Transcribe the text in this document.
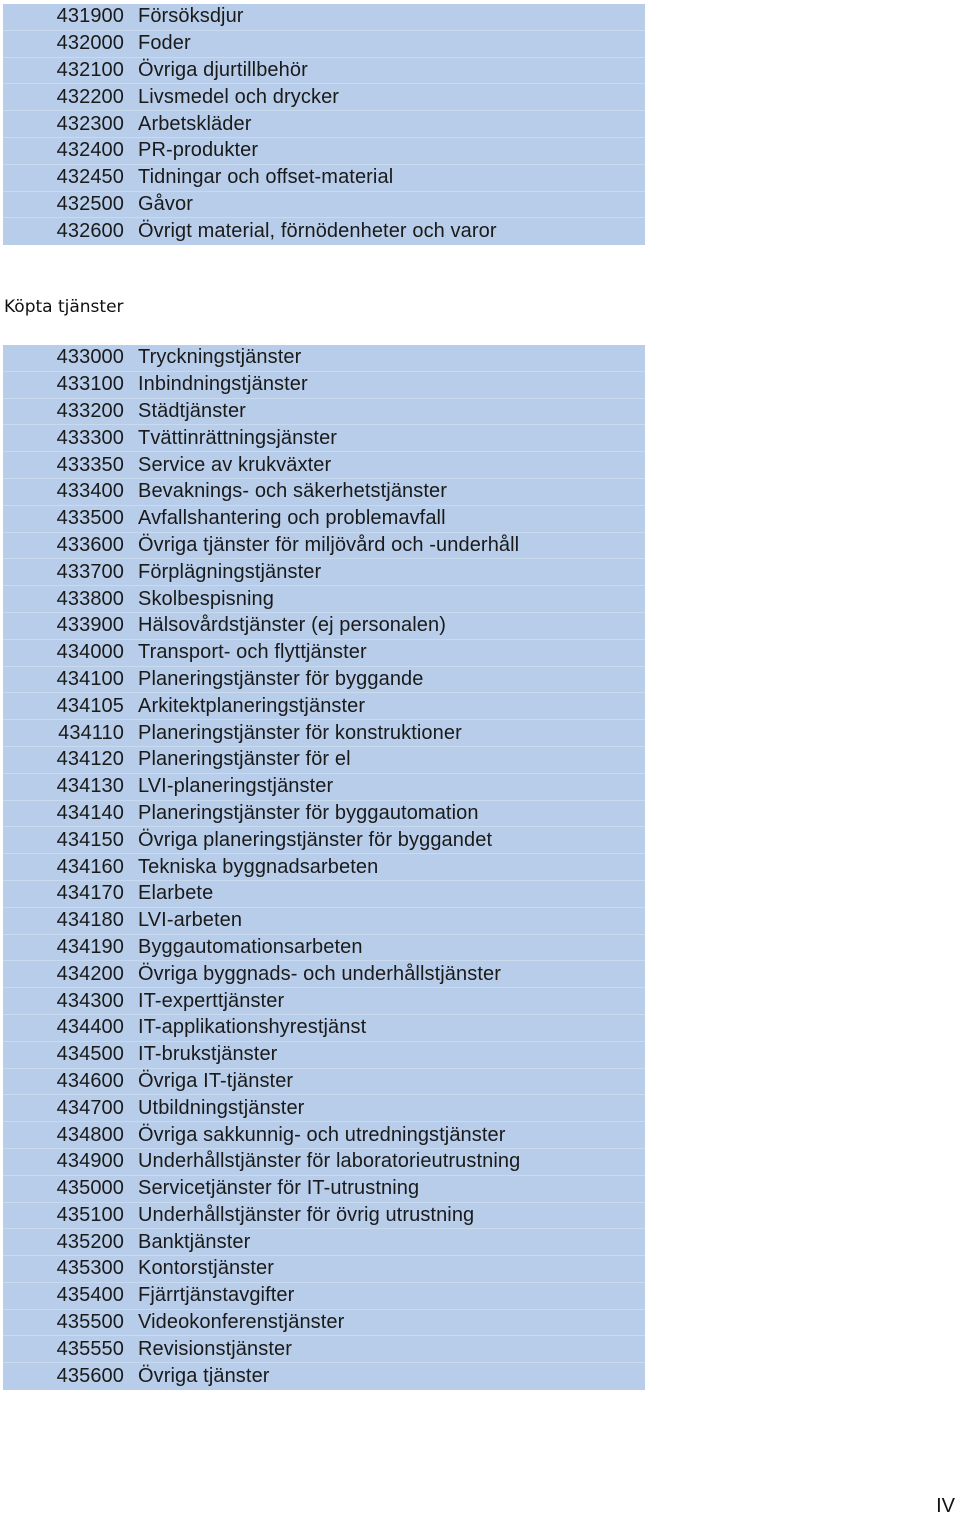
431900 Försöksdjur
432000 Foder
432100 Övriga djurtillbehör
432200 Livsmedel och drycker
432300 Arbetskläder
432400 PR-produkter
432450 Tidningar och offset-material
432500 Gåvor
432600 Övrigt material, förnödenheter och varor
Köpta tjänster
433000 Tryckningstjänster
433100 Inbindningstjänster
433200 Städtjänster
433300 Tvättinrättningsjänster
433350 Service av krukväxter
433400 Bevaknings- och säkerhetstjänster
433500 Avfallshantering och problemavfall
433600 Övriga tjänster för miljövård och -underhåll
433700 Förplägningstjänster
433800 Skolbespisning
433900 Hälsovårdstjänster (ej personalen)
434000 Transport- och flyttjänster
434100 Planeringstjänster för byggande
434105 Arkitektplaneringstjänster
434110 Planeringstjänster för konstruktioner
434120 Planeringstjänster för el
434130 LVI-planeringstjänster
434140 Planeringstjänster för byggautomation
434150 Övriga planeringstjänster för byggandet
434160 Tekniska byggnadsarbeten
434170 Elarbete
434180 LVI-arbeten
434190 Byggautomationsarbeten
434200 Övriga byggnads- och underhållstjänster
434300 IT-experttjänster
434400 IT-applikationshyrestjänst
434500 IT-brukstjänster
434600 Övriga IT-tjänster
434700 Utbildningstjänster
434800 Övriga sakkunnig- och utredningstjänster
434900 Underhållstjänster för laboratorieutrustning
435000 Servicetjänster för IT-utrustning
435100 Underhållstjänster för övrig utrustning
435200 Banktjänster
435300 Kontorstjänster
435400 Fjärrtjänstavgifter
435500 Videokonferenstjänster
435550 Revisionstjänster
435600 Övriga tjänster
IV
